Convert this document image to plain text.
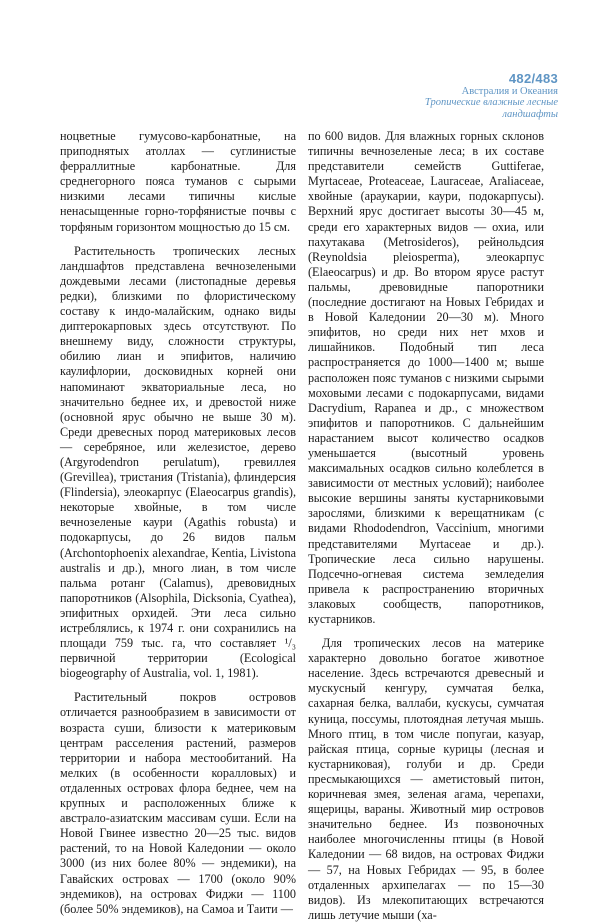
482/483
Австралия и Океания
Тропические влажные лесные
ландшафты

ноцветные гумусово-карбонатные, на приподнятых атоллах — суглинистые ферраллитные карбонатные. Для среднегорного пояса туманов с сырыми низкими лесами типичны кислые ненасыщенные горно-торфянистые почвы с торфяным горизонтом мощностью до 15 см.

Растительность тропических лесных ландшафтов представлена вечнозелеными дождевыми лесами (листопадные деревья редки), близкими по флористическому составу к индо-малайским, однако виды диптерокарповых здесь отсутствуют. По внешнему виду, сложности структуры, обилию лиан и эпифитов, наличию каулифлории, досковидных корней они напоминают экваториальные леса, но значительно беднее их, и древостой ниже (основной ярус обычно не выше 30 м). Среди древесных пород материковых лесов — серебряное, или железистое, дерево (Argyrodendron perulatum), гревиллея (Grevillea), тристания (Tristania), флиндерсия (Flindersia), элеокарпус (Elaeocarpus grandis), некоторые хвойные, в том числе вечнозеленые каури (Agathis robusta) и подокарпусы, до 26 видов пальм (Archontophoenix alexandrae, Kentia, Livistona australis и др.), много лиан, в том числе пальма ротанг (Calamus), древовидных папоротников (Alsophila, Dicksonia, Cyathea), эпифитных орхидей. Эти леса сильно истреблялись, к 1974 г. они сохранились на площади 759 тыс. га, что составляет ¹/₃ первичной территории (Ecological biogeography of Australia, vol. 1, 1981).

Растительный покров островов отличается разнообразием в зависимости от возраста суши, близости к материковым центрам расселения растений, размеров территории и набора местообитаний. На мелких (в особенности коралловых) и отдаленных островах флора беднее, чем на крупных и расположенных ближе к австрало-азиатским массивам суши. Если на Новой Гвинее известно 20—25 тыс. видов растений, то на Новой Каледонии — около 3000 (из них более 80% — эндемики), на Гавайских островах — 1700 (около 90% эндемиков), на островах Фиджи — 1100 (более 50% эндемиков), на Самоа и Таити —

по 600 видов. Для влажных горных склонов типичны вечнозеленые леса; в их составе представители семейств Guttiferae, Myrtaceae, Proteaceae, Lauraceae, Araliaceae, хвойные (араукарии, каури, подокарпусы). Верхний ярус достигает высоты 30—45 м, среди его характерных видов — охиа, или пахутакава (Metrosideros), рейнольдсия (Reynoldsia pleiosperma), элеокарпус (Elaeocarpus) и др. Во втором ярусе растут пальмы, древовидные папоротники (последние достигают на Новых Гебридах и в Новой Каледонии 20—30 м). Много эпифитов, но среди них нет мхов и лишайников. Подобный тип леса распространяется до 1000—1400 м; выше расположен пояс туманов с низкими сырыми моховыми лесами с подокарпусами, видами Dacrydium, Rapanea и др., с множеством эпифитов и папоротников. С дальнейшим нарастанием высот количество осадков уменьшается (высотный уровень максимальных осадков сильно колеблется в зависимости от местных условий); наиболее высокие вершины заняты кустарниковыми зарослями, близкими к верещатникам (с видами Rhododendron, Vaccinium, многими представителями Myrtaceae и др.). Тропические леса сильно нарушены. Подсечно-огневая система земледелия привела к распространению вторичных злаковых сообществ, папоротников, кустарников.

Для тропических лесов на материке характерно довольно богатое животное население. Здесь встречаются древесный и мускусный кенгуру, сумчатая белка, сахарная белка, валлаби, кускусы, сумчатая куница, поссумы, плотоядная летучая мышь. Много птиц, в том числе попугаи, казуар, райская птица, сорные курицы (лесная и кустарниковая), голуби и др. Среди пресмыкающихся — аметистовый питон, коричневая змея, зеленая агама, черепахи, ящерицы, вараны. Животный мир островов значительно беднее. Из позвоночных наиболее многочисленны птицы (в Новой Каледонии — 68 видов, на островах Фиджи — 57, на Новых Гебридах — 95, в более отдаленных архипелагах — по 15—30 видов). Из млекопитающих встречаются лишь летучие мыши (ха-
